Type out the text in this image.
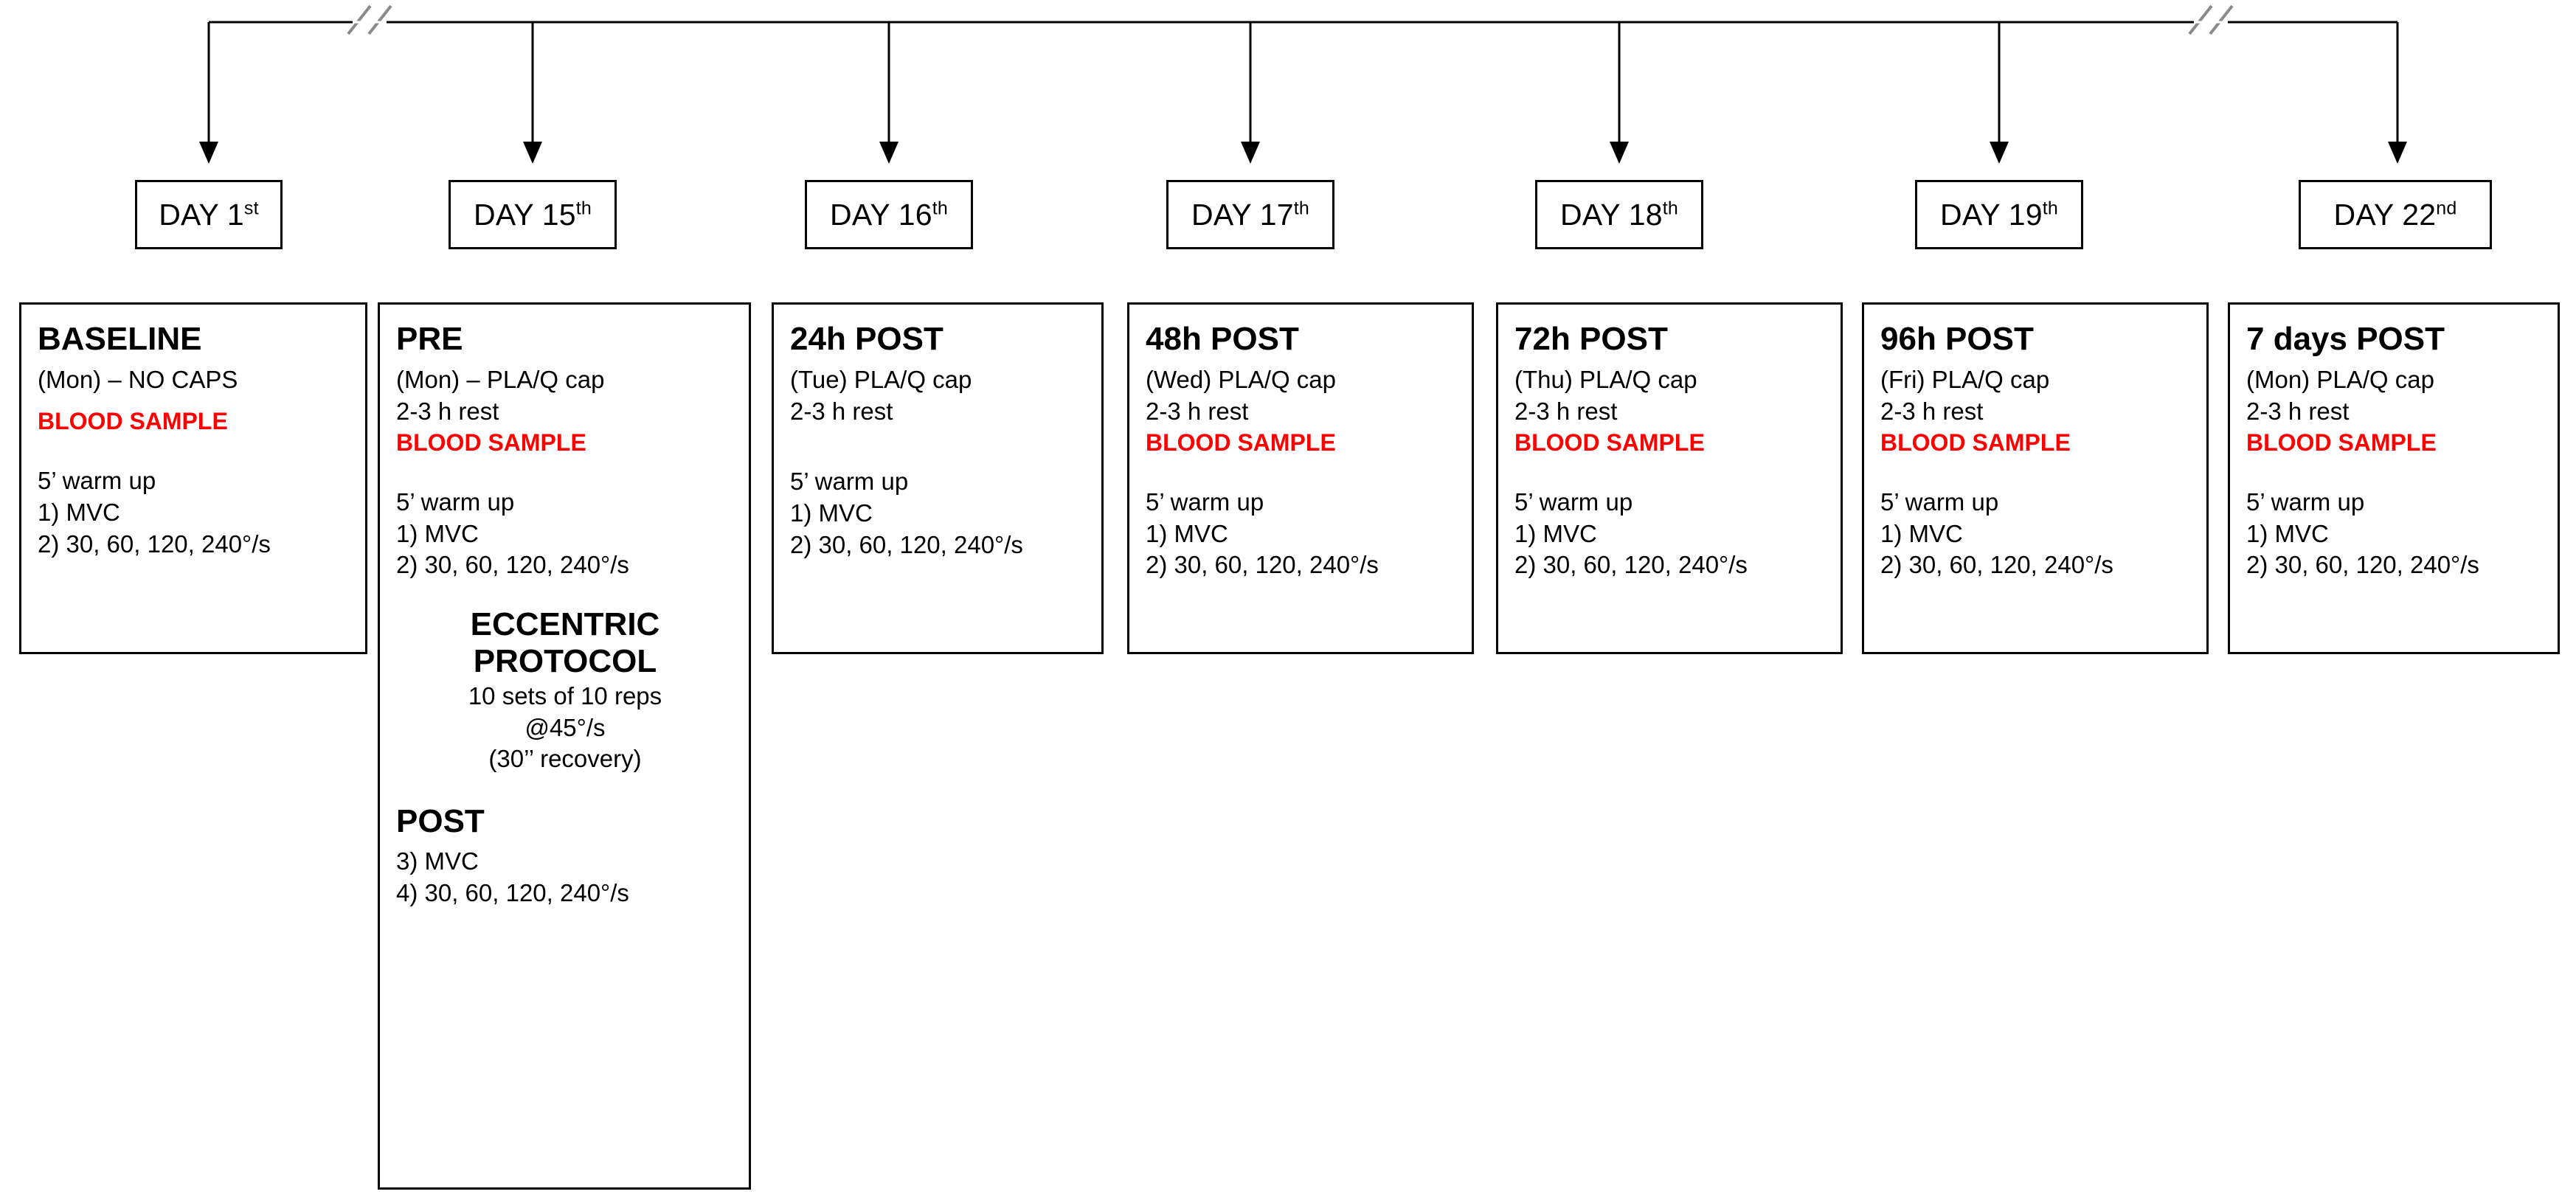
DAY 1st	DAY 15th	DAY 16th	DAY 17th	DAY 18th	DAY 19th	DAY 22nd
BASELINE
(Mon) – NO CAPS
BLOOD SAMPLE
5’ warm up
1) MVC
2) 30, 60, 120, 240°/s
PRE
(Mon) – PLA/Q cap
2-3 h rest
BLOOD SAMPLE
5’ warm up
1) MVC
2) 30, 60, 120, 240°/s
ECCENTRIC
PROTOCOL
10 sets of 10 reps
@45°/s
(30’’ recovery)
POST
3) MVC
4) 30, 60, 120, 240°/s
24h POST
(Tue) PLA/Q cap
2-3 h rest
5’ warm up
1) MVC
2) 30, 60, 120, 240°/s
48h POST
(Wed) PLA/Q cap
2-3 h rest
BLOOD SAMPLE
5’ warm up
1) MVC
2) 30, 60, 120, 240°/s
72h POST
(Thu) PLA/Q cap
2-3 h rest
BLOOD SAMPLE
5’ warm up
1) MVC
2) 30, 60, 120, 240°/s
96h POST
(Fri) PLA/Q cap
2-3 h rest
BLOOD SAMPLE
5’ warm up
1) MVC
2) 30, 60, 120, 240°/s
7 days POST
(Mon) PLA/Q cap
2-3 h rest
BLOOD SAMPLE
5’ warm up
1) MVC
2) 30, 60, 120, 240°/s
